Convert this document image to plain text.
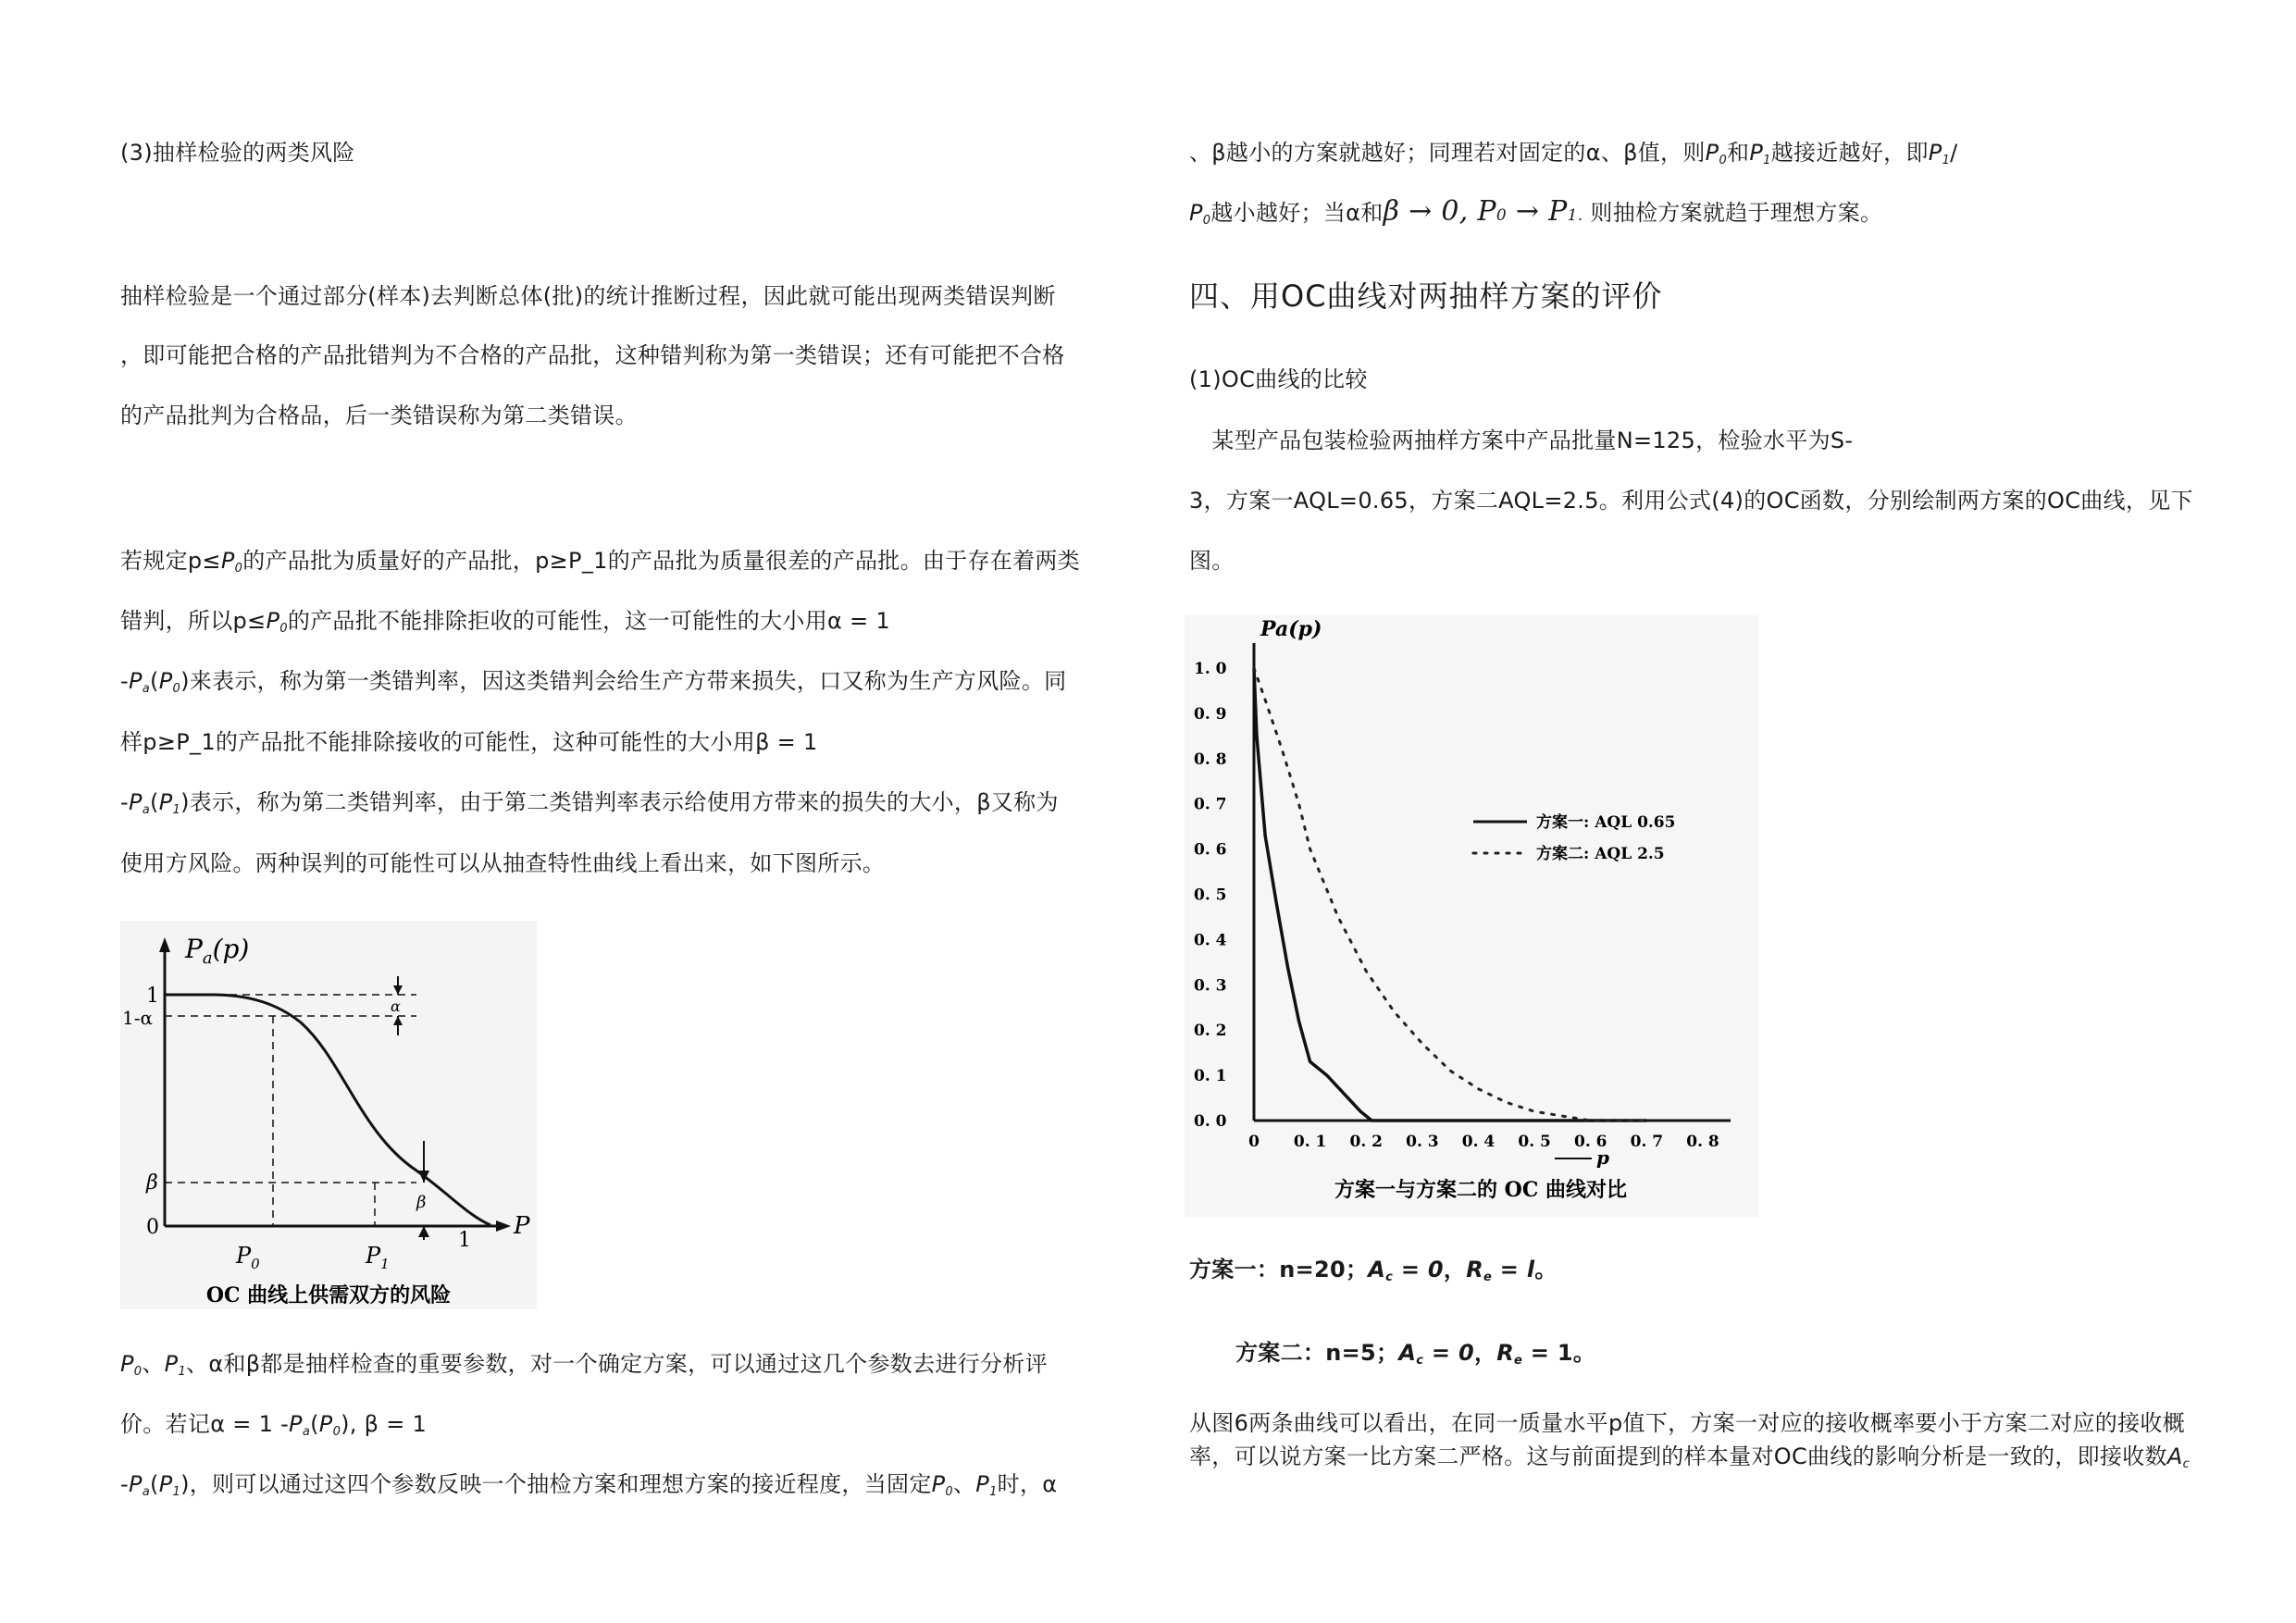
(3)抽样检验的两类风险
抽样检验是一个通过部分(样本)去判断总体(批)的统计推断过程，因此就可能出现两类错误判断
，即可能把合格的产品批错判为不合格的产品批，这种错判称为第一类错误；还有可能把不合格
的产品批判为合格品，后一类错误称为第二类错误。
若规定$p\le P_0$的产品批为质量好的产品批，p≥P_1的产品批为质量很差的产品批。由于存在着两类
错判，所以$p\le P_0$的产品批不能排除拒收的可能性，这一可能性的大小用α = 1
$-P_a(P_0)$来表示，称为第一类错判率，因这类错判会给生产方带来损失，口又称为生产方风险。同
样p≥P_1的产品批不能排除接收的可能性，这种可能性的大小用β = 1
$-P_a(P_1)$表示，称为第二类错判率，由于第二类错判率表示给使用方带来的损失的大小，β又称为
使用方风险。两种误判的可能性可以从抽查特性曲线上看出来，如下图所示。
$P_0$、$P_1$、α和β都是抽样检查的重要参数，对一个确定方案，可以通过这几个参数去进行分析评
价。若记α = 1 $-P_a(P_0)$, β = 1
$-P_a(P_1)$，则可以通过这四个参数反映一个抽检方案和理想方案的接近程度，当固定$P_0$、$P_1$时，α
$P_a(p)$
1
1-α
β
0
α
β
P
$P_0$	$P_1$
1
OC 曲线上供需双方的风险
、β越小的方案就越好；同理若对固定的α、β值，则$P_0$和$P_1$越接近越好，即$P_1/$
$P_0$越小越好；当α和β → 0, P0 → P1. 则抽检方案就趋于理想方案。
四、用OC曲线对两抽样方案的评价
(1)OC曲线的比较
　某型产品包装检验两抽样方案中产品批量N=125，检验水平为S-
3，方案一AQL=0.65，方案二AQL=2.5。利用公式(4)的OC函数，分别绘制两方案的OC曲线，见下
图。
方案一：n=20；$A_c = 0$，$R_e = l$。
方案二：n=5；$A_c = 0$，$R_e = 1$。
从图6两条曲线可以看出，在同一质量水平p值下，方案一对应的接收概率要小于方案二对应的接收概
率，可以说方案一比方案二严格。这与前面提到的样本量对OC曲线的影响分析是一致的，即接收数$A_c$
Pa(p)
0. 0
0. 1
0. 2
0. 3
0. 4
0. 5
0. 6
0. 7
0. 8
0. 9
1. 0
0 0. 1 0. 2 0. 3 0. 4 0. 5 0. 6 0. 7 0. 8
p
方案一: AQL 0.65
方案二: AQL 2.5
方案一与方案二的 OC 曲线对比
